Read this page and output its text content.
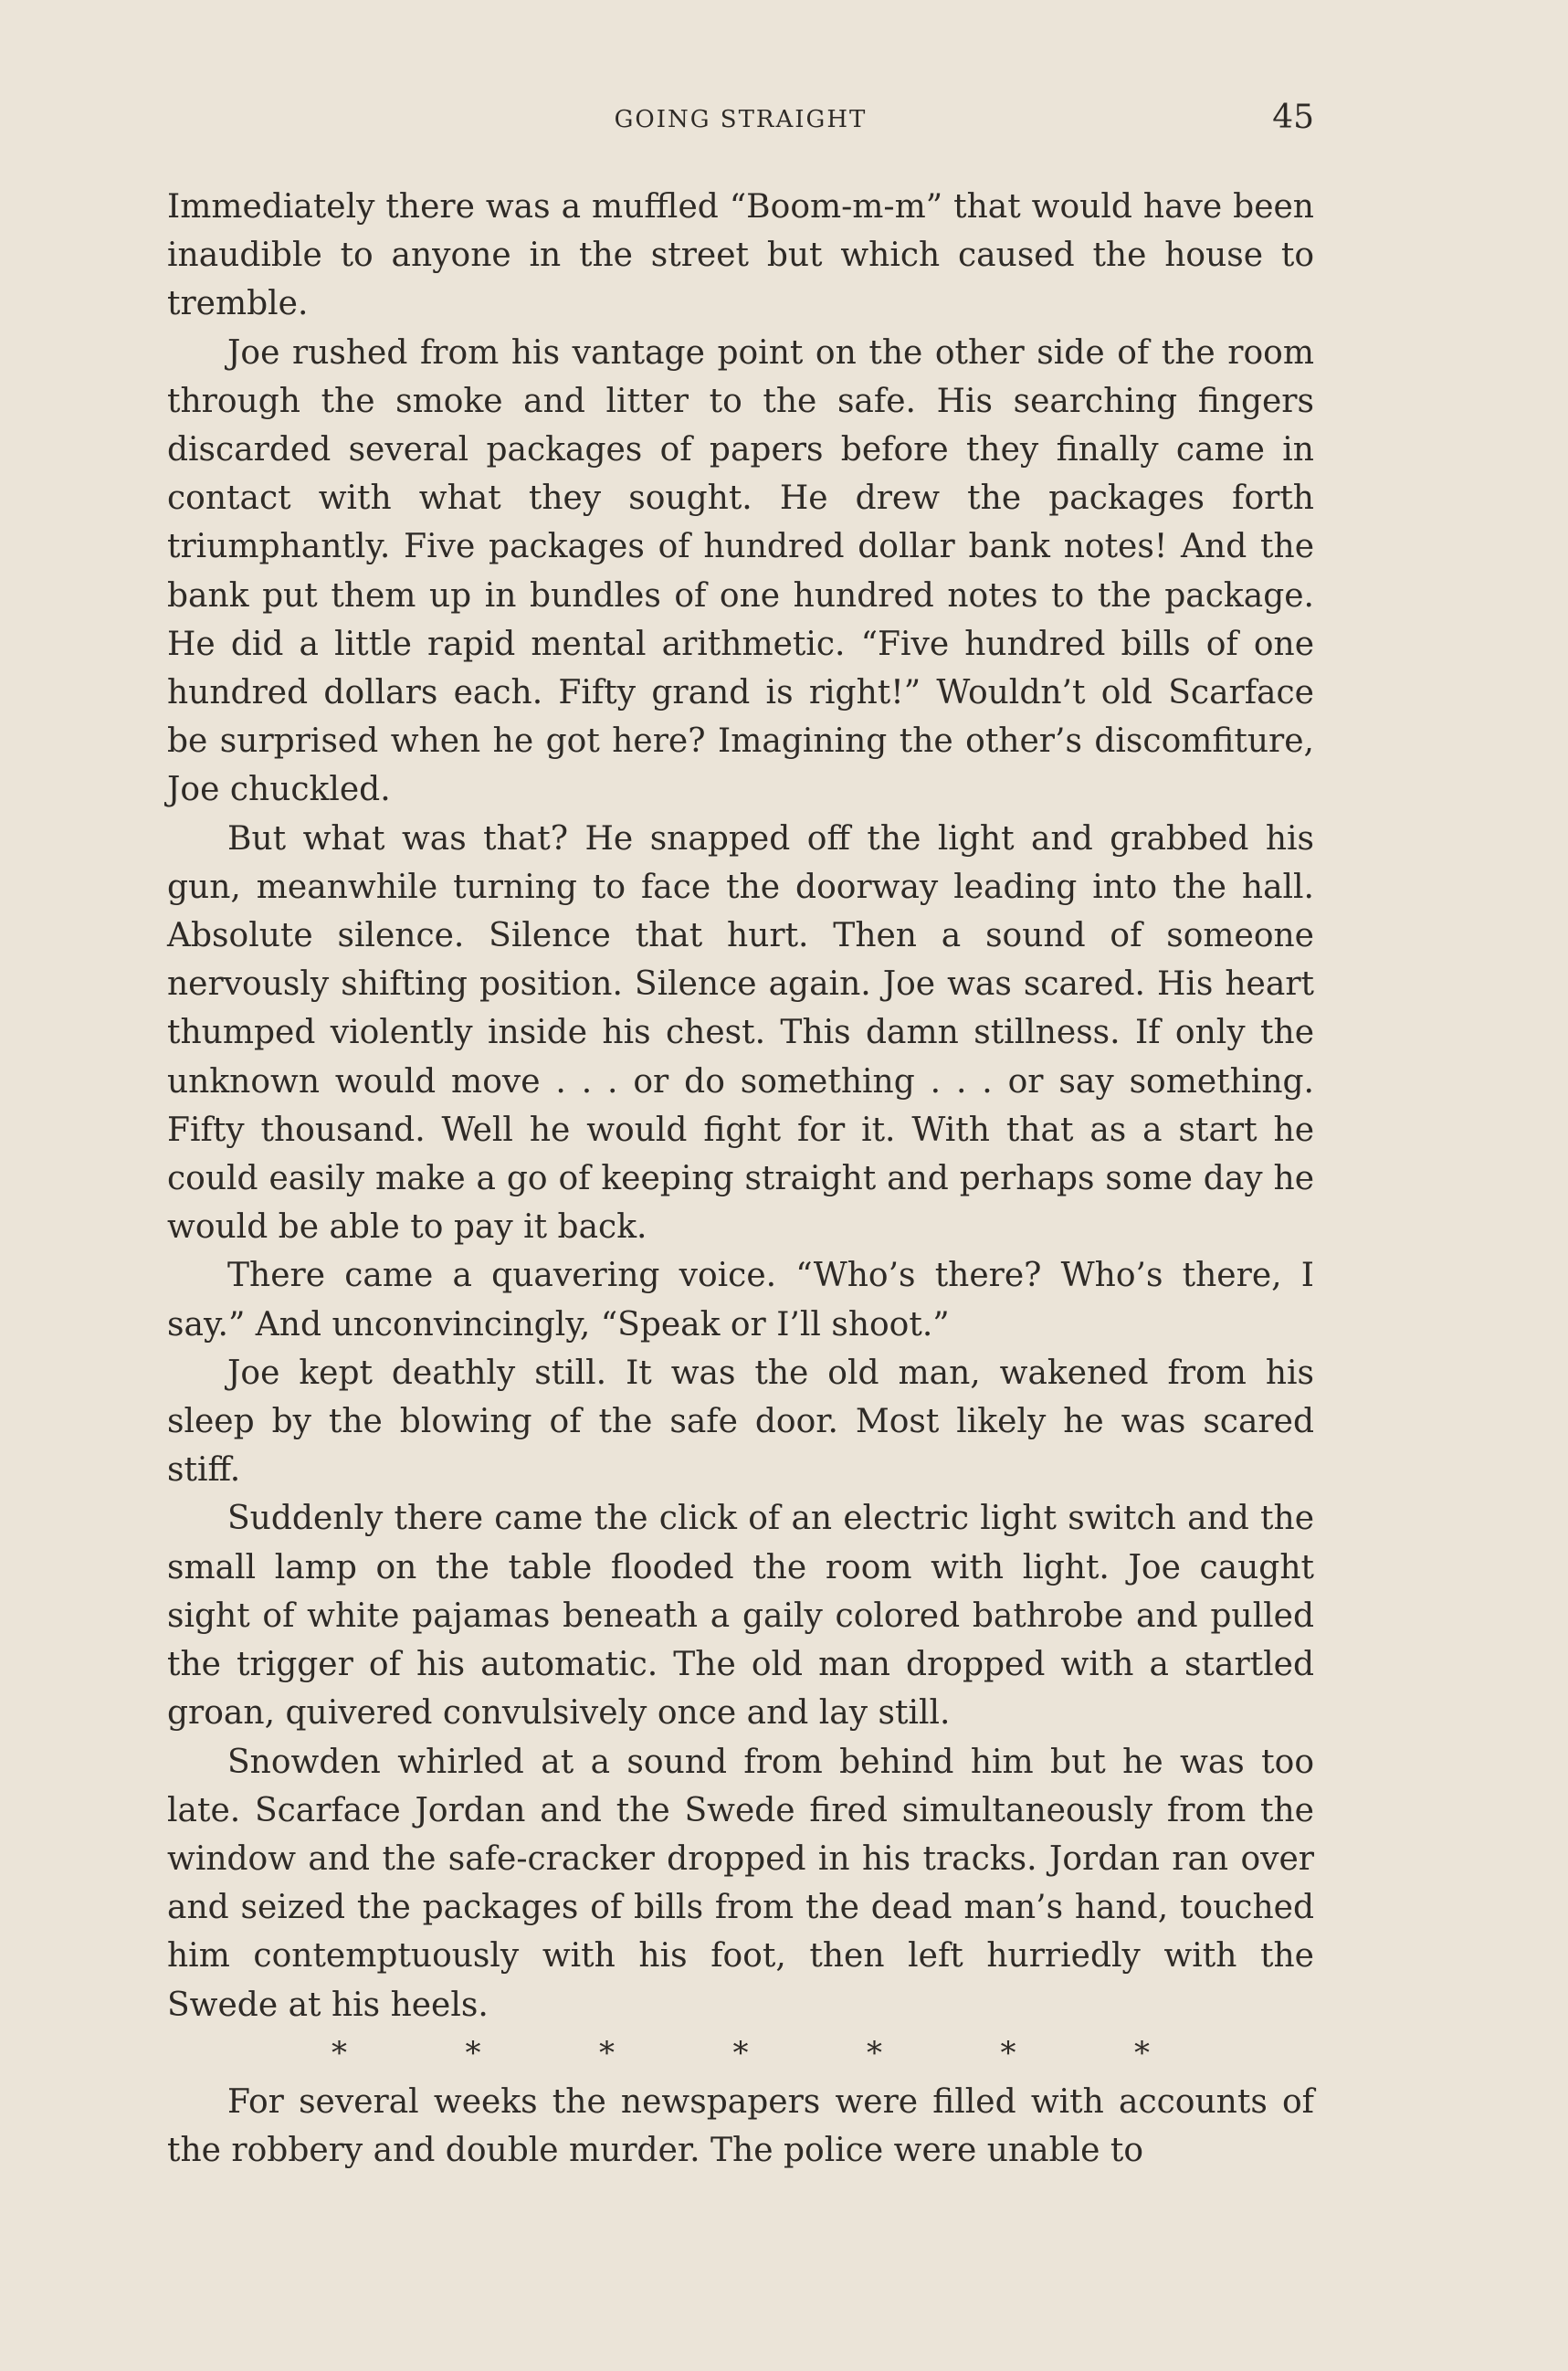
GOING STRAIGHT	45

Immediately there was a muffled “Boom-m-m” that would have been inaudible to anyone in the street but which caused the house to tremble.

Joe rushed from his vantage point on the other side of the room through the smoke and litter to the safe. His searching fingers discarded several packages of papers before they finally came in contact with what they sought. He drew the packages forth triumphantly. Five packages of hundred dollar bank notes! And the bank put them up in bundles of one hundred notes to the package. He did a little rapid mental arithmetic. “Five hundred bills of one hundred dollars each. Fifty grand is right!” Wouldn’t old Scarface be surprised when he got here? Imagining the other’s discomfiture, Joe chuckled.

But what was that? He snapped off the light and grabbed his gun, meanwhile turning to face the doorway leading into the hall. Absolute silence. Silence that hurt. Then a sound of someone nervously shifting position. Silence again. Joe was scared. His heart thumped violently inside his chest. This damn stillness. If only the unknown would move . . . or do something . . . or say something. Fifty thousand. Well he would fight for it. With that as a start he could easily make a go of keeping straight and perhaps some day he would be able to pay it back.

There came a quavering voice. “Who’s there? Who’s there, I say.” And unconvincingly, “Speak or I’ll shoot.”

Joe kept deathly still. It was the old man, wakened from his sleep by the blowing of the safe door. Most likely he was scared stiff.

Suddenly there came the click of an electric light switch and the small lamp on the table flooded the room with light. Joe caught sight of white pajamas beneath a gaily colored bathrobe and pulled the trigger of his automatic. The old man dropped with a startled groan, quivered convulsively once and lay still.

Snowden whirled at a sound from behind him but he was too late. Scarface Jordan and the Swede fired simultaneously from the window and the safe-cracker dropped in his tracks. Jordan ran over and seized the packages of bills from the dead man’s hand, touched him contemptuously with his foot, then left hurriedly with the Swede at his heels.

*	*	*	*	*	*	*

For several weeks the newspapers were filled with accounts of the robbery and double murder. The police were unable to
